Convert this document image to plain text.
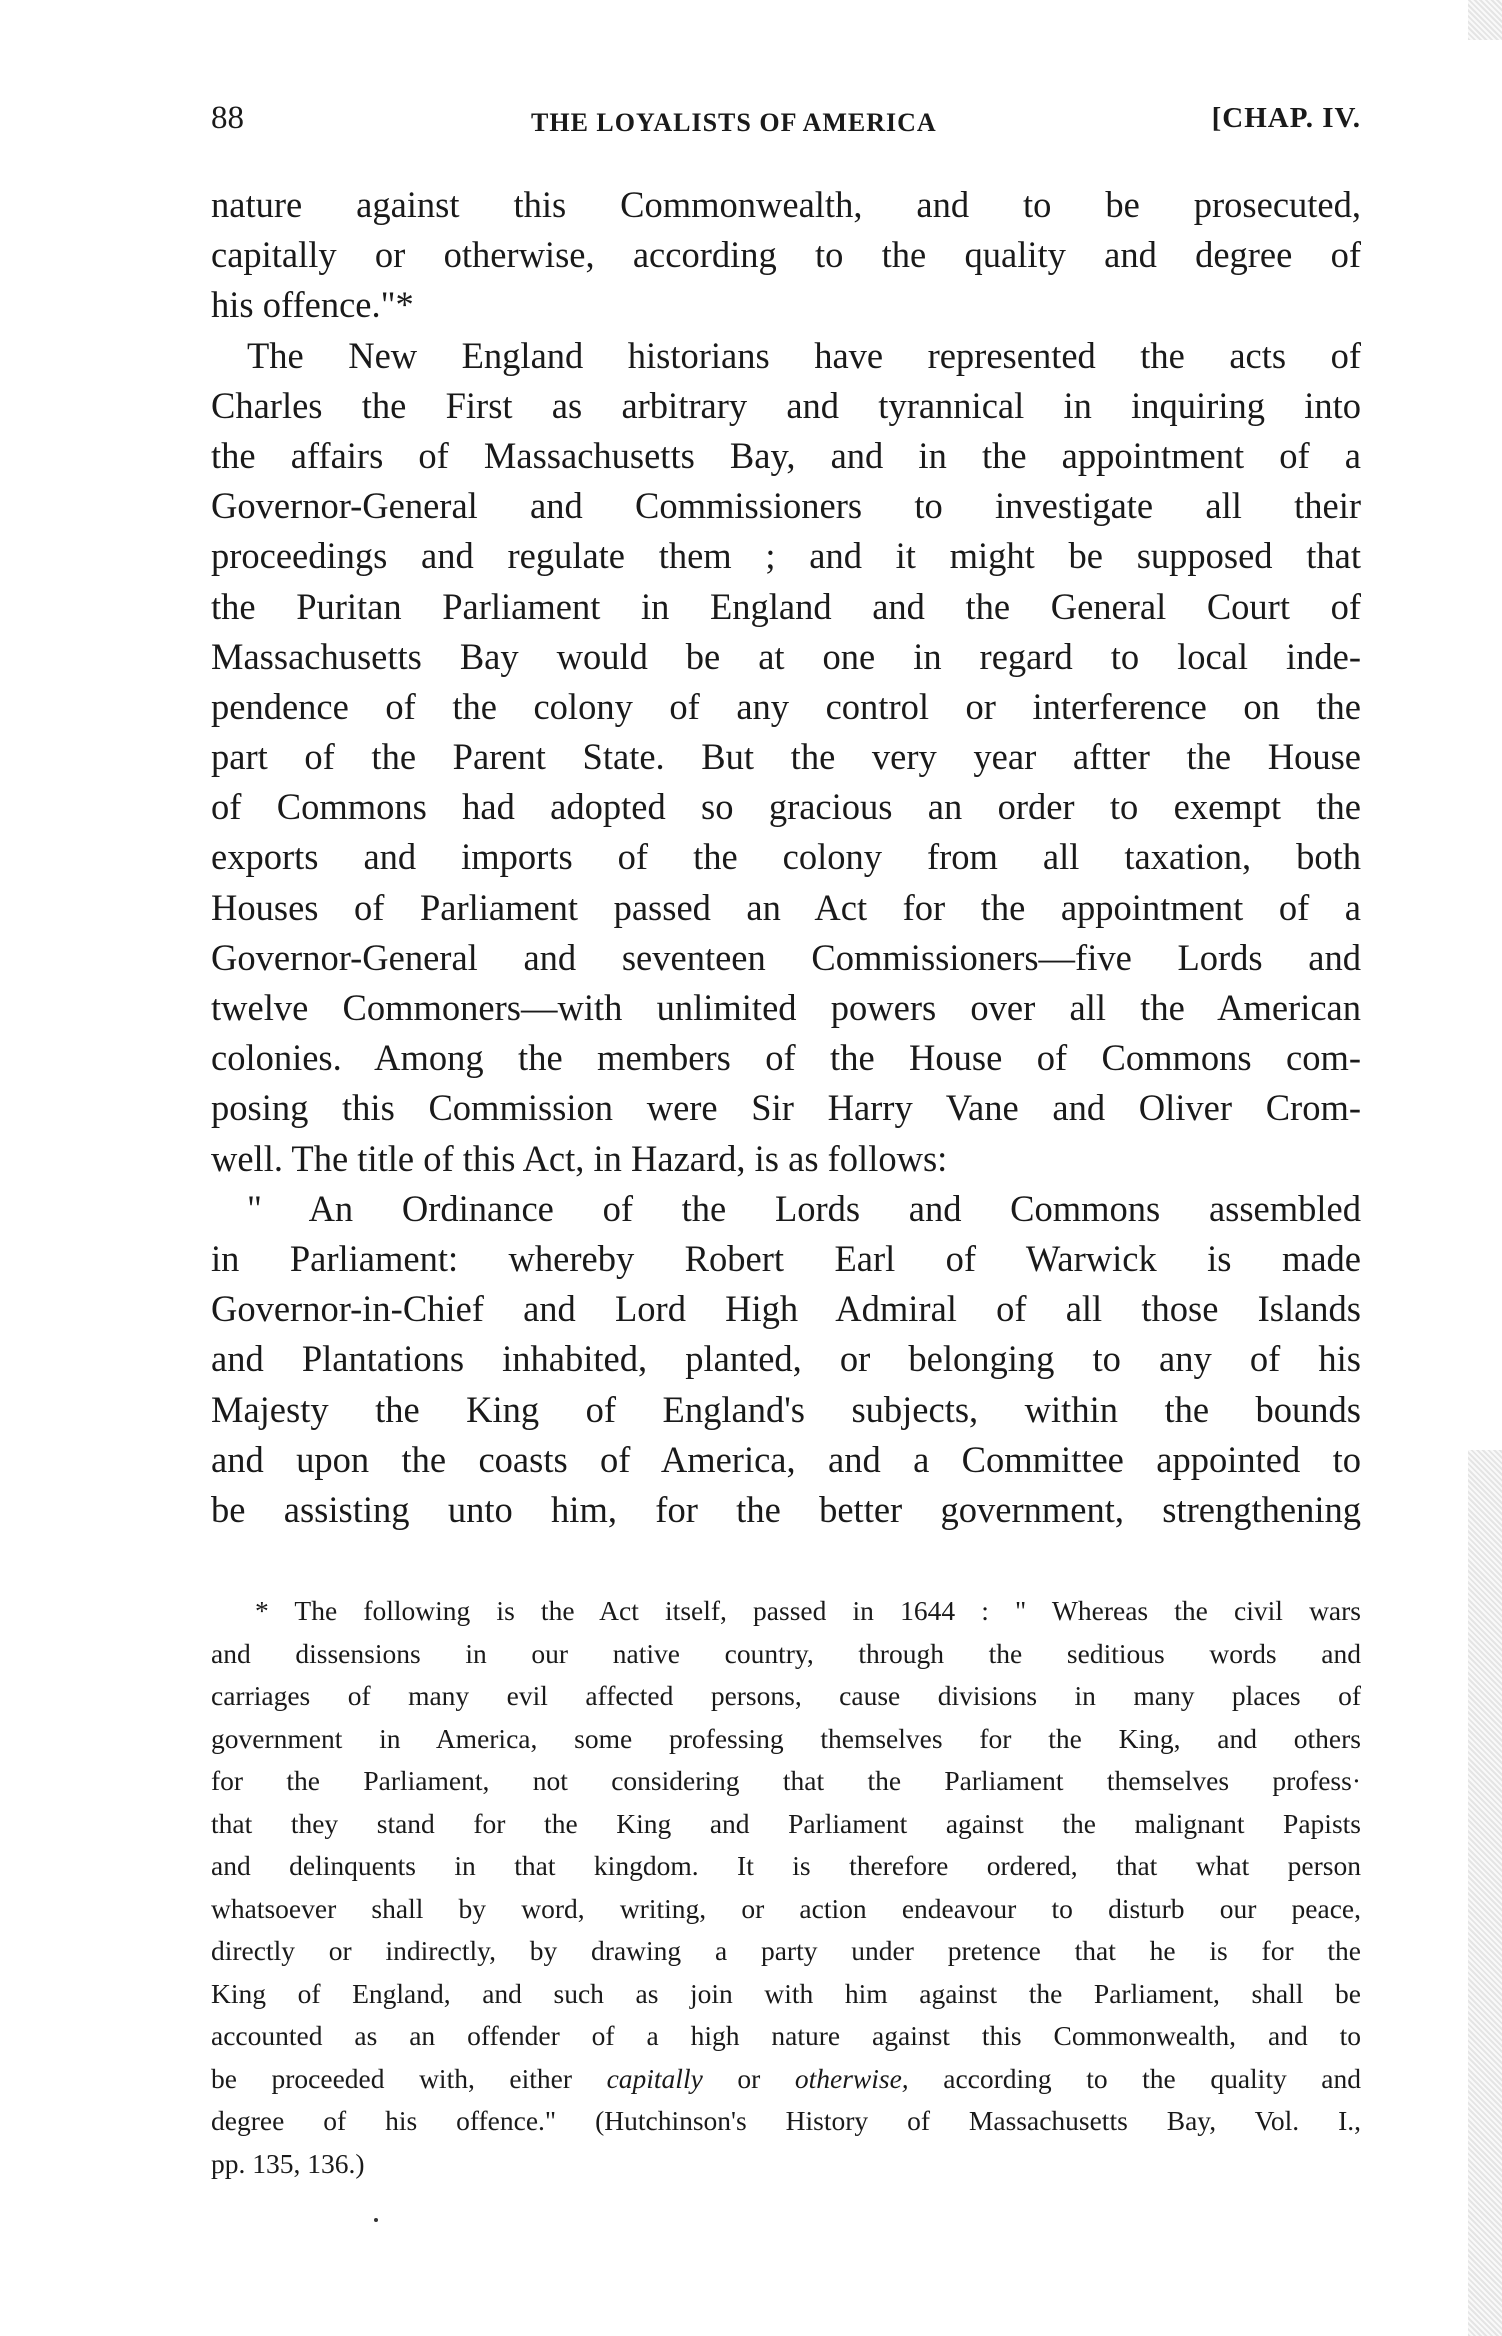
88	THE LOYALISTS OF AMERICA	[CHAP. IV.
nature against this Commonwealth, and to be prosecuted,
capitally or otherwise, according to the quality and degree of
his offence."*
The New England historians have represented the acts of
Charles the First as arbitrary and tyrannical in inquiring into
the affairs of Massachusetts Bay, and in the appointment of a
Governor-General and Commissioners to investigate all their
proceedings and regulate them ; and it might be supposed that
the Puritan Parliament in England and the General Court of
Massachusetts Bay would be at one in regard to local inde-
pendence of the colony of any control or interference on the
part of the Parent State. But the very year aftter the House
of Commons had adopted so gracious an order to exempt the
exports and imports of the colony from all taxation, both
Houses of Parliament passed an Act for the appointment of a
Governor-General and seventeen Commissioners—five Lords and
twelve Commoners—with unlimited powers over all the American
colonies. Among the members of the House of Commons com-
posing this Commission were Sir Harry Vane and Oliver Crom-
well. The title of this Act, in Hazard, is as follows:
" An Ordinance of the Lords and Commons assembled
in Parliament: whereby Robert Earl of Warwick is made
Governor-in-Chief and Lord High Admiral of all those Islands
and Plantations inhabited, planted, or belonging to any of his
Majesty the King of England's subjects, within the bounds
and upon the coasts of America, and a Committee appointed to
be assisting unto him, for the better government, strengthening
* The following is the Act itself, passed in 1644 : " Whereas the civil wars
and dissensions in our native country, through the seditious words and
carriages of many evil affected persons, cause divisions in many places of
government in America, some professing themselves for the King, and others
for the Parliament, not considering that the Parliament themselves profess·
that they stand for the King and Parliament against the malignant Papists
and delinquents in that kingdom. It is therefore ordered, that what person
whatsoever shall by word, writing, or action endeavour to disturb our peace,
directly or indirectly, by drawing a party under pretence that he is for the
King of England, and such as join with him against the Parliament, shall be
accounted as an offender of a high nature against this Commonwealth, and to
be proceeded with, either capitally or otherwise, according to the quality and
degree of his offence." (Hutchinson's History of Massachusetts Bay, Vol. I.,
pp. 135, 136.)
